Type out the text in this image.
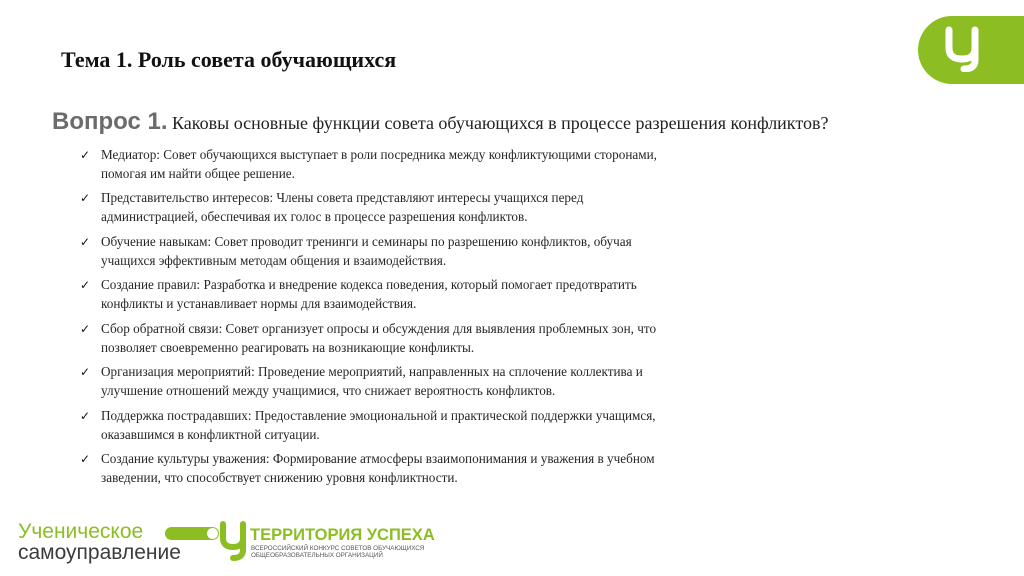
Тема 1. Роль совета обучающихся

Вопрос 1. Каковы основные функции совета обучающихся в процессе разрешения конфликтов?

✓ Медиатор: Совет обучающихся выступает в роли посредника между конфликтующими сторонами, помогая им найти общее решение.
✓ Представительство интересов: Члены совета представляют интересы учащихся перед администрацией, обеспечивая их голос в процессе разрешения конфликтов.
✓ Обучение навыкам: Совет проводит тренинги и семинары по разрешению конфликтов, обучая учащихся эффективным методам общения и взаимодействия.
✓ Создание правил: Разработка и внедрение кодекса поведения, который помогает предотвратить конфликты и устанавливает нормы для взаимодействия.
✓ Сбор обратной связи: Совет организует опросы и обсуждения для выявления проблемных зон, что позволяет своевременно реагировать на возникающие конфликты.
✓ Организация мероприятий: Проведение мероприятий, направленных на сплочение коллектива и улучшение отношений между учащимися, что снижает вероятность конфликтов.
✓ Поддержка пострадавших: Предоставление эмоциональной и практической поддержки учащимся, оказавшимся в конфликтной ситуации.
✓ Создание культуры уважения: Формирование атмосферы взаимопонимания и уважения в учебном заведении, что способствует снижению уровня конфликтности.
Ученическое
самоуправление
ТЕРРИТОРИЯ УСПЕХА
ВСЕРОССИЙСКИЙ КОНКУРС СОВЕТОВ ОБУЧАЮЩИХСЯ
ОБЩЕОБРАЗОВАТЕЛЬНЫХ ОРГАНИЗАЦИЙ
